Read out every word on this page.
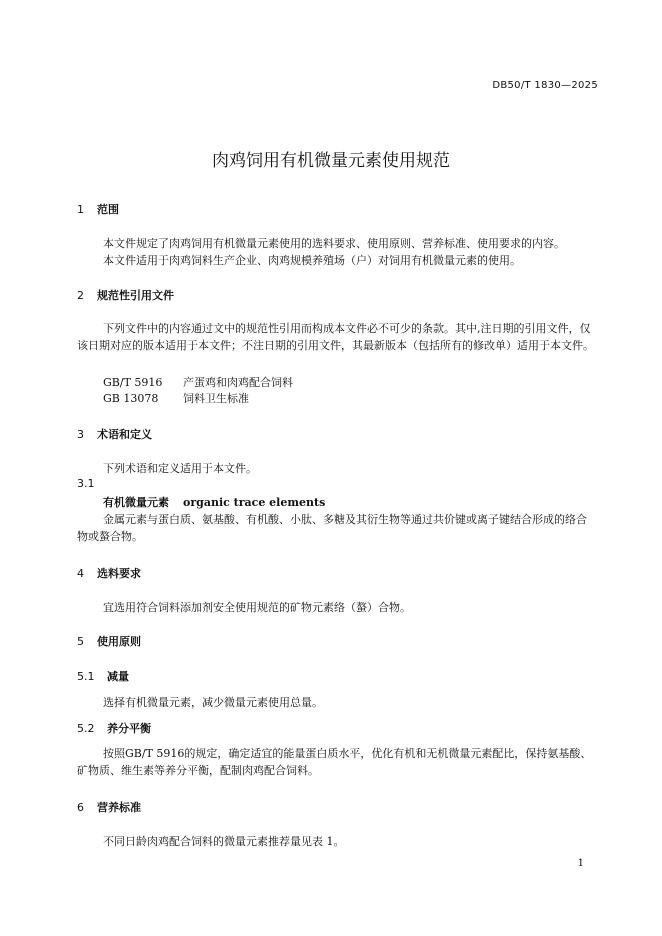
DB50/T 1830—2025
肉鸡饲用有机微量元素使用规范
1 范围
本文件规定了肉鸡饲用有机微量元素使用的选料要求、使用原则、营养标准、使用要求的内容。
本文件适用于肉鸡饲料生产企业、肉鸡规模养殖场（户）对饲用有机微量元素的使用。
2 规范性引用文件
下列文件中的内容通过文中的规范性引用而构成本文件必不可少的条款。其中,注日期的引用文件，仅该日期对应的版本适用于本文件；不注日期的引用文件，其最新版本（包括所有的修改单）适用于本文件。
GB/T 5916 产蛋鸡和肉鸡配合饲料
GB 13078 饲料卫生标准
3 术语和定义
下列术语和定义适用于本文件。
3.1
有机微量元素 organic trace elements
金属元素与蛋白质、氨基酸、有机酸、小肽、多糖及其衍生物等通过共价键或离子键结合形成的络合物或螯合物。
4 选料要求
宜选用符合饲料添加剂安全使用规范的矿物元素络（螯）合物。
5 使用原则
5.1 减量
选择有机微量元素，减少微量元素使用总量。
5.2 养分平衡
按照GB/T 5916的规定，确定适宜的能量蛋白质水平，优化有机和无机微量元素配比，保持氨基酸、矿物质、维生素等养分平衡，配制肉鸡配合饲料。
6 营养标准
不同日龄肉鸡配合饲料的微量元素推荐量见表 1。
1
